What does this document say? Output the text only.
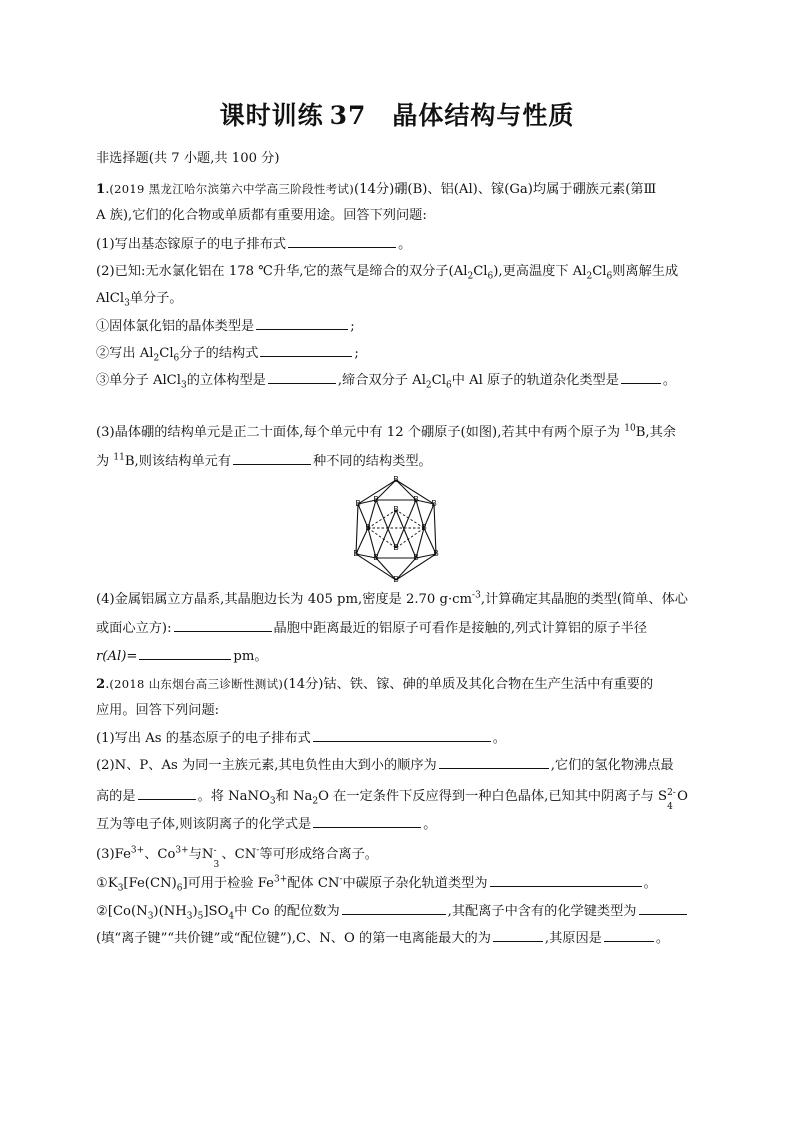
课时训练 37 晶体结构与性质
非选择题(共 7 小题,共 100 分)
1.(2019 黑龙江哈尔滨第六中学高三阶段性考试)(14分)硼(B)、铝(Al)、镓(Ga)均属于硼族元素(第Ⅲ
A 族),它们的化合物或单质都有重要用途。回答下列问题:
(1)写出基态镓原子的电子排布式	。
(2)已知:无水氯化铝在 178 ℃升华,它的蒸气是缔合的双分子$(Al_2Cl_6)$,更高温度下 $Al_2Cl_6$则离解生成
AlCl$_3$单分子。
①固体氯化铝的晶体类型是	;
②写出 $Al_2Cl_6$分子的结构式	;
③单分子 AlCl$_3$的立体构型是	,缔合双分子 $Al_2Cl_6$中 Al 原子的轨道杂化类型是	。
(3)晶体硼的结构单元是正二十面体,每个单元中有 12 个硼原子(如图),若其中有两个原子为 $^{10}$B,其余
为 $^{11}$B,则该结构单元有	种不同的结构类型。
B
B	B
B	B
B
B	B
B
B	B
B	B
B
(4)金属铝属立方晶系,其晶胞边长为 405 pm,密度是 2.70 $g\cdot cm^{-3}$,计算确定其晶胞的类型(简单、体心
或面心立方):	晶胞中距离最近的铝原子可看作是接触的,列式计算铝的原子半径
r(Al)=	pm。
2.(2018 山东烟台高三诊断性测试)(14分)钴、铁、镓、砷的单质及其化合物在生产生活中有重要的
应用。回答下列问题:
(1)写出 As 的基态原子的电子排布式	。
(2)N、P、As 为同一主族元素,其电负性由大到小的顺序为	,它们的氢化物沸点最
高的是	。将 NaNO$_3$和 $Na_2O$ 在一定条件下反应得到一种白色晶体,已知其中阴离子与 S 2-
4
O
互为等电子体,则该阴离子的化学式是	。
$(3)Fe^{3+}$、$Co^{3+}$与N -
3
、CN-等可形成络合离子。
$①K_3[Fe(CN)_6]$可用于检验 $Fe^{3+}$配体 CN-中碳原子杂化轨道类型为	。
$②[Co(N_3)(NH_3)_5]SO_4$中 Co 的配位数为	,其配离子中含有的化学键类型为
(填“离子键”“共价键”或“配位键”),C、N、O 的第一电离能最大的为	,其原因是	。
